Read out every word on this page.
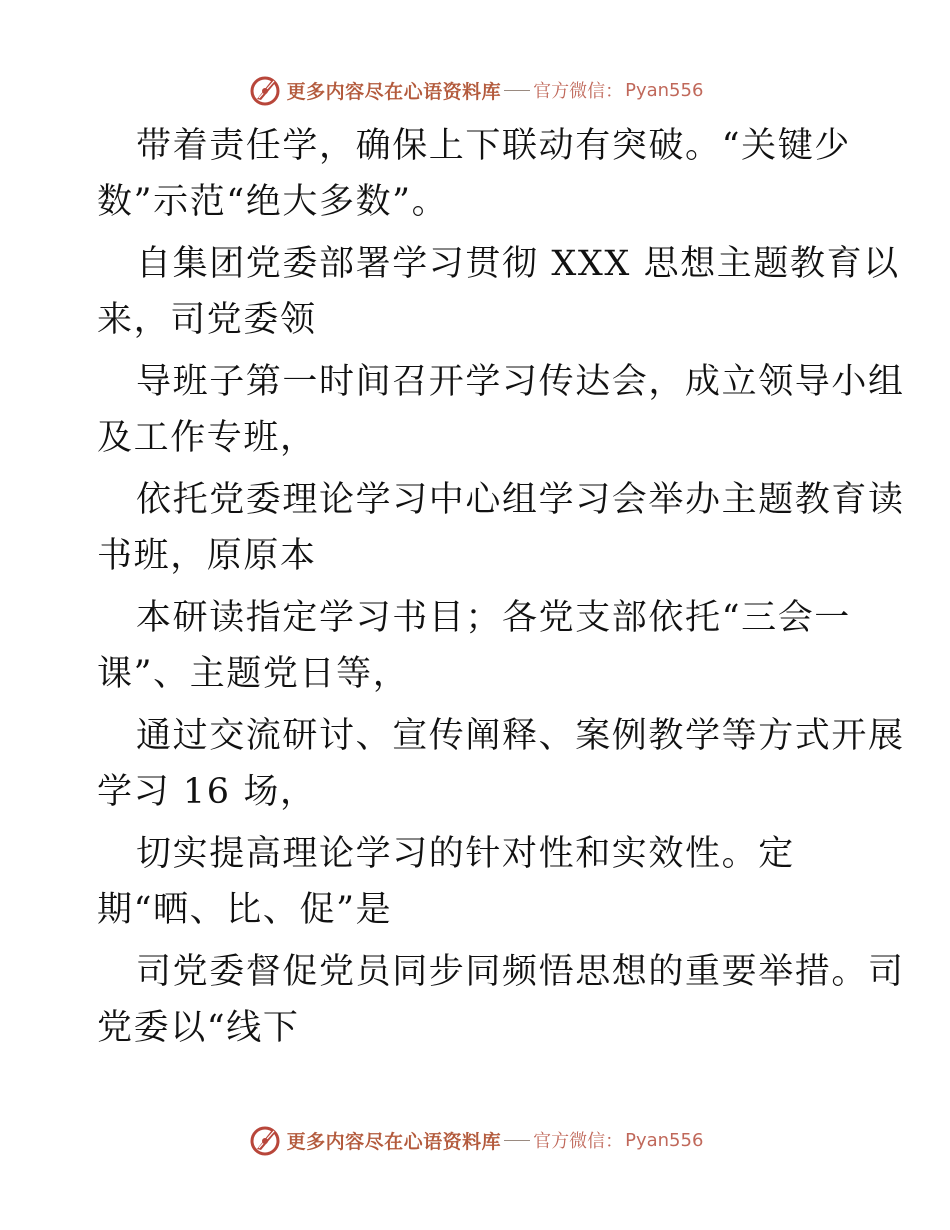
更多内容尽在心语资料库 官方微信： Pyan556
带着责任学，确保上下联动有突破。“关键少
数”示范“绝大多数”。
自集团党委部署学习贯彻 XXX 思想主题教育以
来，司党委领
导班子第一时间召开学习传达会，成立领导小组
及工作专班，
依托党委理论学习中心组学习会举办主题教育读
书班，原原本
本研读指定学习书目；各党支部依托“三会一
课”、主题党日等，
通过交流研讨、宣传阐释、案例教学等方式开展
学习 16 场，
切实提高理论学习的针对性和实效性。定
期“晒、比、促”是
司党委督促党员同步同频悟思想的重要举措。司
党委以“线下
更多内容尽在心语资料库 官方微信： Pyan556
